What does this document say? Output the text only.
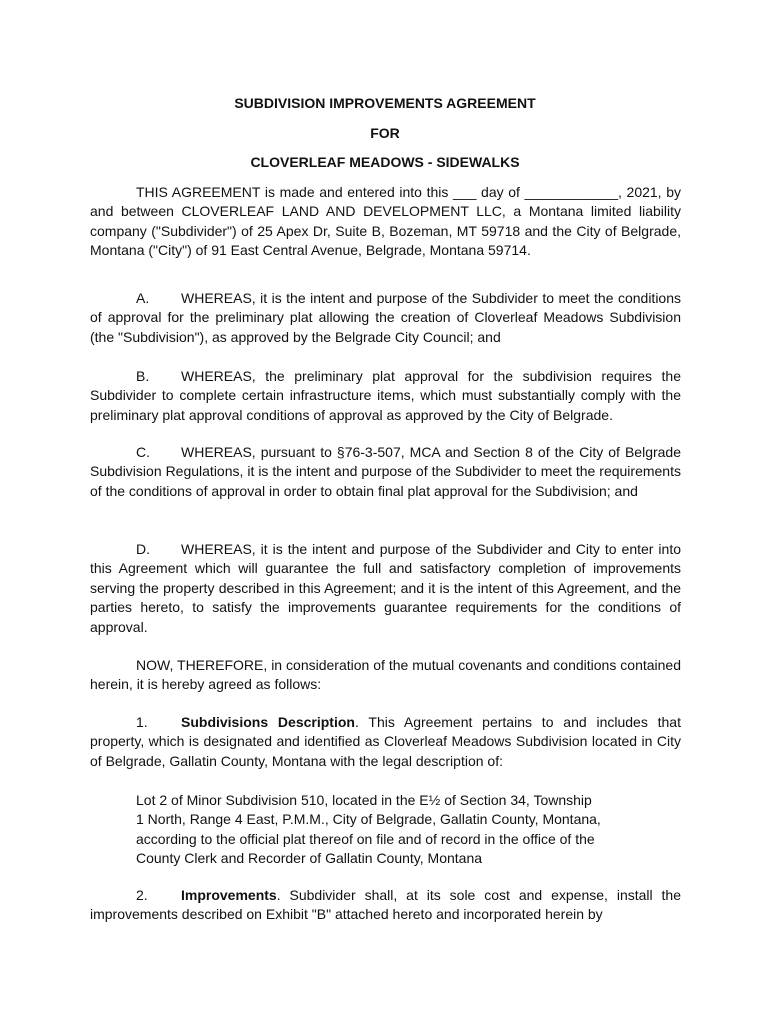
SUBDIVISION IMPROVEMENTS AGREEMENT

FOR

CLOVERLEAF MEADOWS - SIDEWALKS

THIS AGREEMENT is made and entered into this ___ day of ____________, 2021, by and between CLOVERLEAF LAND AND DEVELOPMENT LLC, a Montana limited liability company ("Subdivider") of 25 Apex Dr, Suite B, Bozeman, MT 59718 and the City of Belgrade, Montana ("City") of 91 East Central Avenue, Belgrade, Montana 59714.

A. WHEREAS, it is the intent and purpose of the Subdivider to meet the conditions of approval for the preliminary plat allowing the creation of Cloverleaf Meadows Subdivision (the "Subdivision"), as approved by the Belgrade City Council; and

B. WHEREAS, the preliminary plat approval for the subdivision requires the Subdivider to complete certain infrastructure items, which must substantially comply with the preliminary plat approval conditions of approval as approved by the City of Belgrade.

C. WHEREAS, pursuant to §76-3-507, MCA and Section 8 of the City of Belgrade Subdivision Regulations, it is the intent and purpose of the Subdivider to meet the requirements of the conditions of approval in order to obtain final plat approval for the Subdivision; and

D. WHEREAS, it is the intent and purpose of the Subdivider and City to enter into this Agreement which will guarantee the full and satisfactory completion of improvements serving the property described in this Agreement; and it is the intent of this Agreement, and the parties hereto, to satisfy the improvements guarantee requirements for the conditions of approval.

NOW, THEREFORE, in consideration of the mutual covenants and conditions contained herein, it is hereby agreed as follows:

1. Subdivisions Description. This Agreement pertains to and includes that property, which is designated and identified as Cloverleaf Meadows Subdivision located in City of Belgrade, Gallatin County, Montana with the legal description of:

Lot 2 of Minor Subdivision 510, located in the E½ of Section 34, Township
1 North, Range 4 East, P.M.M., City of Belgrade, Gallatin County, Montana,
according to the official plat thereof on file and of record in the office of the
County Clerk and Recorder of Gallatin County, Montana

2. Improvements. Subdivider shall, at its sole cost and expense, install the improvements described on Exhibit "B" attached hereto and incorporated herein by
